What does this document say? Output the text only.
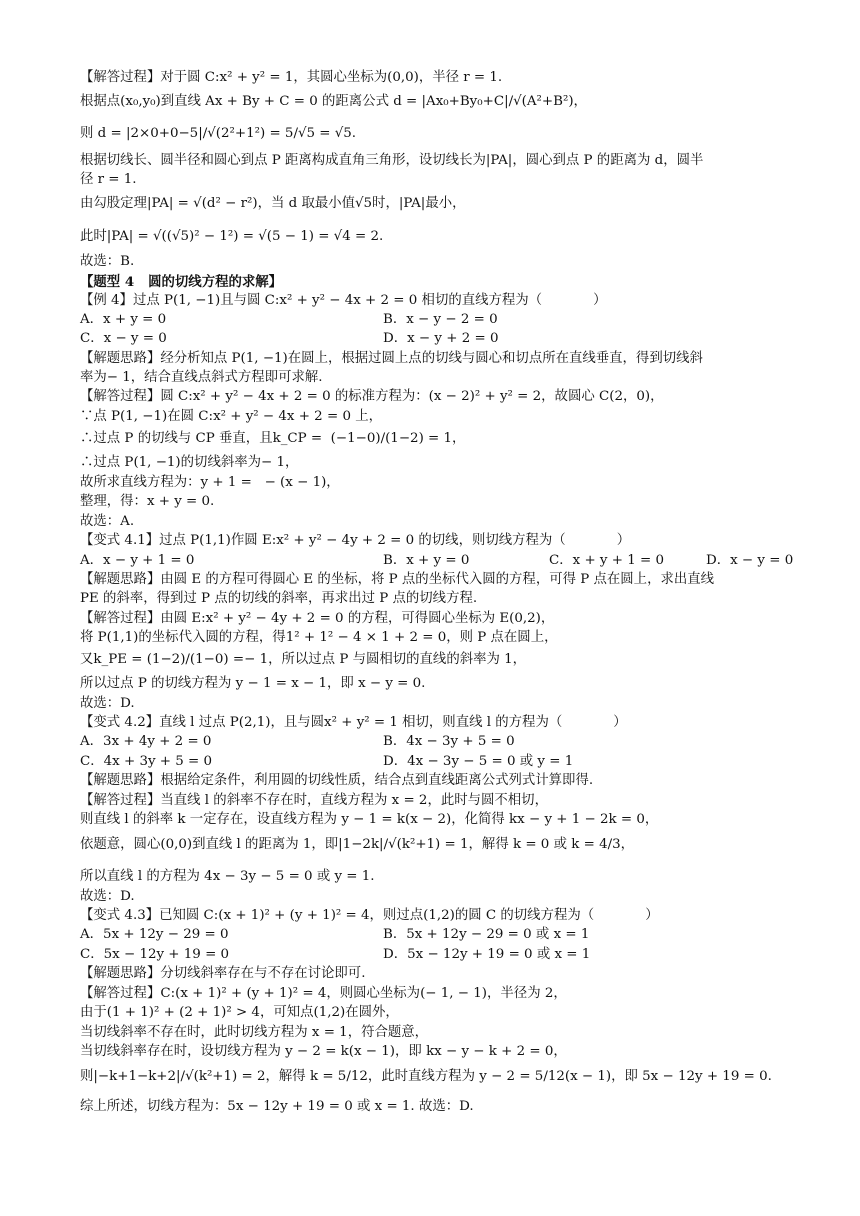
【解答过程】对于圆 C:x² + y² = 1，其圆心坐标为(0,0)，半径 r = 1.
根据点(x₀,y₀)到直线 Ax + By + C = 0 的距离公式 d = |Ax₀+By₀+C|/√(A²+B²)，
则 d = |2×0+0−5|/√(2²+1²) = 5/√5 = √5.
根据切线长、圆半径和圆心到点 P 距离构成直角三角形，设切线长为|PA|，圆心到点 P 的距离为 d，圆半
径 r = 1.
由勾股定理|PA| = √(d² − r²)，当 d 取最小值√5时，|PA|最小，
此时|PA| = √((√5)² − 1²) = √(5 − 1) = √4 = 2.
故选：B.
【题型 4   圆的切线方程的求解】
【例 4】过点 P(1, −1)且与圆 C:x² + y² − 4x + 2 = 0 相切的直线方程为（            ）
A．x + y = 0	B．x − y − 2 = 0
C．x − y = 0	D．x − y + 2 = 0
【解题思路】经分析知点 P(1, −1)在圆上，根据过圆上点的切线与圆心和切点所在直线垂直，得到切线斜
率为− 1，结合直线点斜式方程即可求解.
【解答过程】圆 C:x² + y² − 4x + 2 = 0 的标准方程为：(x − 2)² + y² = 2，故圆心 C(2，0)，
∵点 P(1, −1)在圆 C:x² + y² − 4x + 2 = 0 上，
∴过点 P 的切线与 CP 垂直，且k_CP =  (−1−0)/(1−2) = 1，
∴过点 P(1, −1)的切线斜率为− 1，
故所求直线方程为：y + 1 =   − (x − 1)，
整理，得：x + y = 0.
故选：A.
【变式 4.1】过点 P(1,1)作圆 E:x² + y² − 4y + 2 = 0 的切线，则切线方程为（            ）
A．x − y + 1 = 0	B．x + y = 0	C．x + y + 1 = 0	D．x − y = 0
【解题思路】由圆 E 的方程可得圆心 E 的坐标，将 P 点的坐标代入圆的方程，可得 P 点在圆上，求出直线
PE 的斜率，得到过 P 点的切线的斜率，再求出过 P 点的切线方程.
【解答过程】由圆 E:x² + y² − 4y + 2 = 0 的方程，可得圆心坐标为 E(0,2)，
将 P(1,1)的坐标代入圆的方程，得1² + 1² − 4 × 1 + 2 = 0，则 P 点在圆上，
又k_PE = (1−2)/(1−0) =− 1，所以过点 P 与圆相切的直线的斜率为 1，
所以过点 P 的切线方程为 y − 1 = x − 1，即 x − y = 0.
故选：D.
【变式 4.2】直线 l 过点 P(2,1)，且与圆x² + y² = 1 相切，则直线 l 的方程为（            ）
A．3x + 4y + 2 = 0	B．4x − 3y + 5 = 0
C．4x + 3y + 5 = 0	D．4x − 3y − 5 = 0 或 y = 1
【解题思路】根据给定条件，利用圆的切线性质，结合点到直线距离公式列式计算即得.
【解答过程】当直线 l 的斜率不存在时，直线方程为 x = 2，此时与圆不相切，
则直线 l 的斜率 k 一定存在，设直线方程为 y − 1 = k(x − 2)，化简得 kx − y + 1 − 2k = 0，
依题意，圆心(0,0)到直线 l 的距离为 1，即|1−2k|/√(k²+1) = 1，解得 k = 0 或 k = 4/3，
所以直线 l 的方程为 4x − 3y − 5 = 0 或 y = 1.
故选：D.
【变式 4.3】已知圆 C:(x + 1)² + (y + 1)² = 4，则过点(1,2)的圆 C 的切线方程为（            ）
A．5x + 12y − 29 = 0	B．5x + 12y − 29 = 0 或 x = 1
C．5x − 12y + 19 = 0	D．5x − 12y + 19 = 0 或 x = 1
【解题思路】分切线斜率存在与不存在讨论即可.
【解答过程】C:(x + 1)² + (y + 1)² = 4，则圆心坐标为(− 1, − 1)，半径为 2，
由于(1 + 1)² + (2 + 1)² > 4，可知点(1,2)在圆外，
当切线斜率不存在时，此时切线方程为 x = 1，符合题意，
当切线斜率存在时，设切线方程为 y − 2 = k(x − 1)，即 kx − y − k + 2 = 0，
则|−k+1−k+2|/√(k²+1) = 2，解得 k = 5/12，此时直线方程为 y − 2 = 5/12(x − 1)，即 5x − 12y + 19 = 0.
综上所述，切线方程为：5x − 12y + 19 = 0 或 x = 1. 故选：D.
